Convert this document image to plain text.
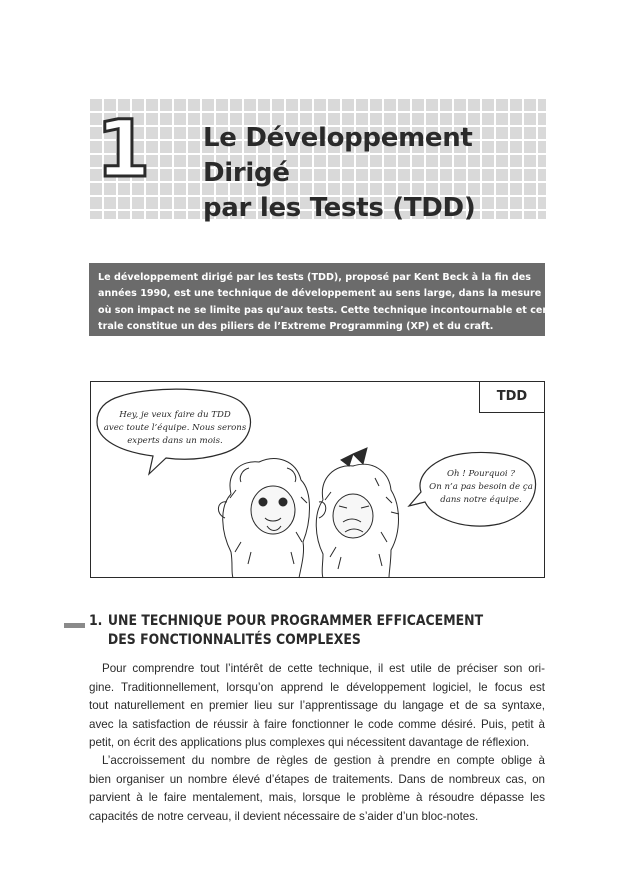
1 Le Développement Dirigé
par les Tests (TDD)
Le développement dirigé par les tests (TDD), proposé par Kent Beck à la fin des
années 1990, est une technique de développement au sens large, dans la mesure
où son impact ne se limite pas qu’aux tests. Cette technique incontournable et cen-
trale constitue un des piliers de l’Extreme Programming (XP) et du craft.
Hey, je veux faire du TDD
avec toute l’équipe. Nous serons
experts dans un mois.
Oh ! Pourquoi ?
On n’a pas besoin de ça
dans notre équipe.
TDD
1. UNE TECHNIQUE POUR PROGRAMMER EFFICACEMENT
DES FONCTIONNALITÉS COMPLEXES
Pour comprendre tout l’intérêt de cette technique, il est utile de préciser son ori-
gine. Traditionnellement, lorsqu’on apprend le développement logiciel, le focus est
tout naturellement en premier lieu sur l’apprentissage du langage et de sa syntaxe,
avec la satisfaction de réussir à faire fonctionner le code comme désiré. Puis, petit à
petit, on écrit des applications plus complexes qui nécessitent davantage de réflexion.
L’accroissement du nombre de règles de gestion à prendre en compte oblige à
bien organiser un nombre élevé d’étapes de traitements. Dans de nombreux cas, on
parvient à le faire mentalement, mais, lorsque le problème à résoudre dépasse les
capacités de notre cerveau, il devient nécessaire de s’aider d’un bloc-notes.
